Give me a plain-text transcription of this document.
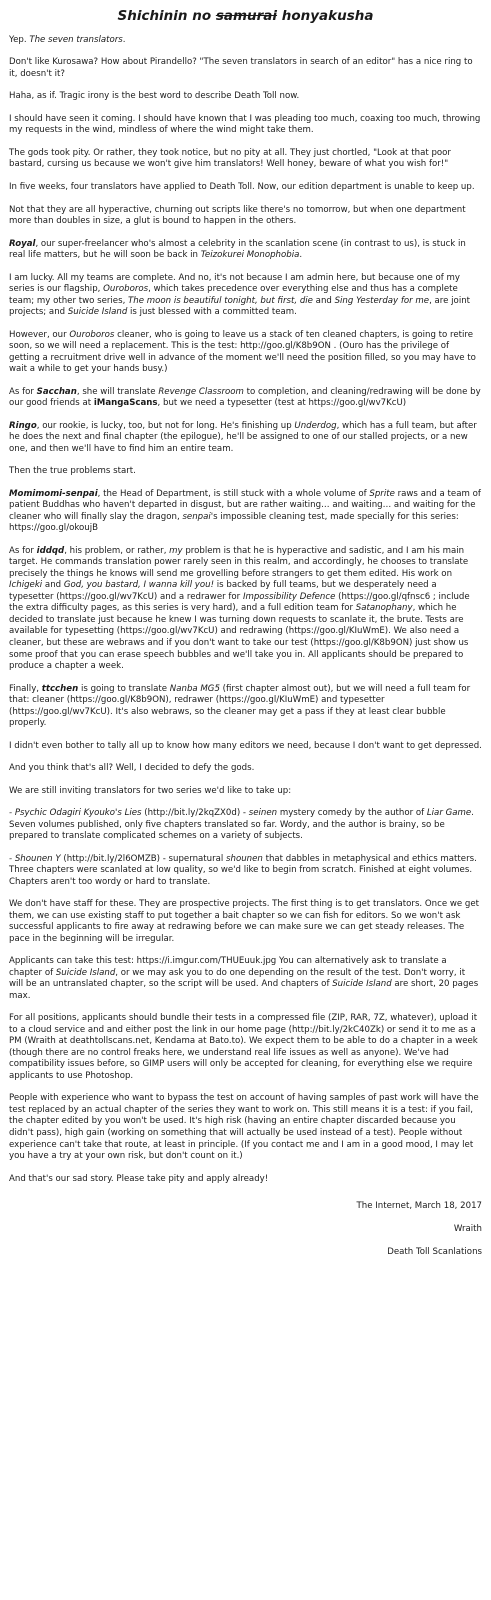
Shichinin no samurai honyakusha

Yep. The seven translators.

Don't like Kurosawa? How about Pirandello? "The seven translators in search of an editor" has a nice ring to it, doesn't it?

Haha, as if. Tragic irony is the best word to describe Death Toll now.

I should have seen it coming. I should have known that I was pleading too much, coaxing too much, throwing my requests in the wind, mindless of where the wind might take them.

The gods took pity. Or rather, they took notice, but no pity at all. They just chortled, "Look at that poor bastard, cursing us because we won't give him translators! Well honey, beware of what you wish for!"

In five weeks, four translators have applied to Death Toll. Now, our edition department is unable to keep up.

Not that they are all hyperactive, churning out scripts like there's no tomorrow, but when one department more than doubles in size, a glut is bound to happen in the others.

Royal, our super-freelancer who's almost a celebrity in the scanlation scene (in contrast to us), is stuck in real life matters, but he will soon be back in Teizokurei Monophobia.

I am lucky. All my teams are complete. And no, it's not because I am admin here, but because one of my series is our flagship, Ouroboros, which takes precedence over everything else and thus has a complete team; my other two series, The moon is beautiful tonight, but first, die and Sing Yesterday for me, are joint projects; and Suicide Island is just blessed with a committed team.

However, our Ouroboros cleaner, who is going to leave us a stack of ten cleaned chapters, is going to retire soon, so we will need a replacement. This is the test: http://goo.gl/K8b9ON . (Ouro has the privilege of getting a recruitment drive well in advance of the moment we'll need the position filled, so you may have to wait a while to get your hands busy.)

As for Sacchan, she will translate Revenge Classroom to completion, and cleaning/redrawing will be done by our good friends at iMangaScans, but we need a typesetter (test at https://goo.gl/wv7KcU)

Ringo, our rookie, is lucky, too, but not for long. He's finishing up Underdog, which has a full team, but after he does the next and final chapter (the epilogue), he'll be assigned to one of our stalled projects, or a new one, and then we'll have to find him an entire team.

Then the true problems start.

Momimomi-senpai, the Head of Department, is still stuck with a whole volume of Sprite raws and a team of patient Buddhas who haven't departed in disgust, but are rather waiting… and waiting… and waiting for the cleaner who will finally slay the dragon, senpai's impossible cleaning test, made specially for this series: https://goo.gl/okoujB

As for iddqd, his problem, or rather, my problem is that he is hyperactive and sadistic, and I am his main target. He commands translation power rarely seen in this realm, and accordingly, he chooses to translate precisely the things he knows will send me grovelling before strangers to get them edited. His work on Ichigeki and God, you bastard, I wanna kill you! is backed by full teams, but we desperately need a typesetter (https://goo.gl/wv7KcU) and a redrawer for Impossibility Defence (https://goo.gl/qfnsc6 ; include the extra difficulty pages, as this series is very hard), and a full edition team for Satanophany, which he decided to translate just because he knew I was turning down requests to scanlate it, the brute. Tests are available for typesetting (https://goo.gl/wv7KcU) and redrawing (https://goo.gl/KIuWmE). We also need a cleaner, but these are webraws and if you don't want to take our test (https://goo.gl/K8b9ON) just show us some proof that you can erase speech bubbles and we'll take you in. All applicants should be prepared to produce a chapter a week.

Finally, ttcchen is going to translate Nanba MG5 (first chapter almost out), but we will need a full team for that: cleaner (https://goo.gl/K8b9ON), redrawer (https://goo.gl/KIuWmE) and typesetter (https://goo.gl/wv7KcU). It's also webraws, so the cleaner may get a pass if they at least clear bubble properly.

I didn't even bother to tally all up to know how many editors we need, because I don't want to get depressed.

And you think that's all? Well, I decided to defy the gods.

We are still inviting translators for two series we'd like to take up:

- Psychic Odagiri Kyouko's Lies (http://bit.ly/2kqZX0d) - seinen mystery comedy by the author of Liar Game. Seven volumes published, only five chapters translated so far. Wordy, and the author is brainy, so be prepared to translate complicated schemes on a variety of subjects.

- Shounen Y (http://bit.ly/2l6OMZB) - supernatural shounen that dabbles in metaphysical and ethics matters. Three chapters were scanlated at low quality, so we'd like to begin from scratch. Finished at eight volumes. Chapters aren't too wordy or hard to translate.

We don't have staff for these. They are prospective projects. The first thing is to get translators. Once we get them, we can use existing staff to put together a bait chapter so we can fish for editors. So we won't ask successful applicants to fire away at redrawing before we can make sure we can get steady releases. The pace in the beginning will be irregular.

Applicants can take this test: https://i.imgur.com/THUEuuk.jpg You can alternatively ask to translate a chapter of Suicide Island, or we may ask you to do one depending on the result of the test. Don't worry, it will be an untranslated chapter, so the script will be used. And chapters of Suicide Island are short, 20 pages max.

For all positions, applicants should bundle their tests in a compressed file (ZIP, RAR, 7Z, whatever), upload it to a cloud service and and either post the link in our home page (http://bit.ly/2kC40Zk) or send it to me as a PM (Wraith at deathtollscans.net, Kendama at Bato.to). We expect them to be able to do a chapter in a week (though there are no control freaks here, we understand real life issues as well as anyone). We've had compatibility issues before, so GIMP users will only be accepted for cleaning, for everything else we require applicants to use Photoshop.

People with experience who want to bypass the test on account of having samples of past work will have the test replaced by an actual chapter of the series they want to work on. This still means it is a test: if you fail, the chapter edited by you won't be used. It's high risk (having an entire chapter discarded because you didn't pass), high gain (working on something that will actually be used instead of a test). People without experience can't take that route, at least in principle. (If you contact me and I am in a good mood, I may let you have a try at your own risk, but don't count on it.)

And that's our sad story. Please take pity and apply already!

The Internet, March 18, 2017
Wraith
Death Toll Scanlations
